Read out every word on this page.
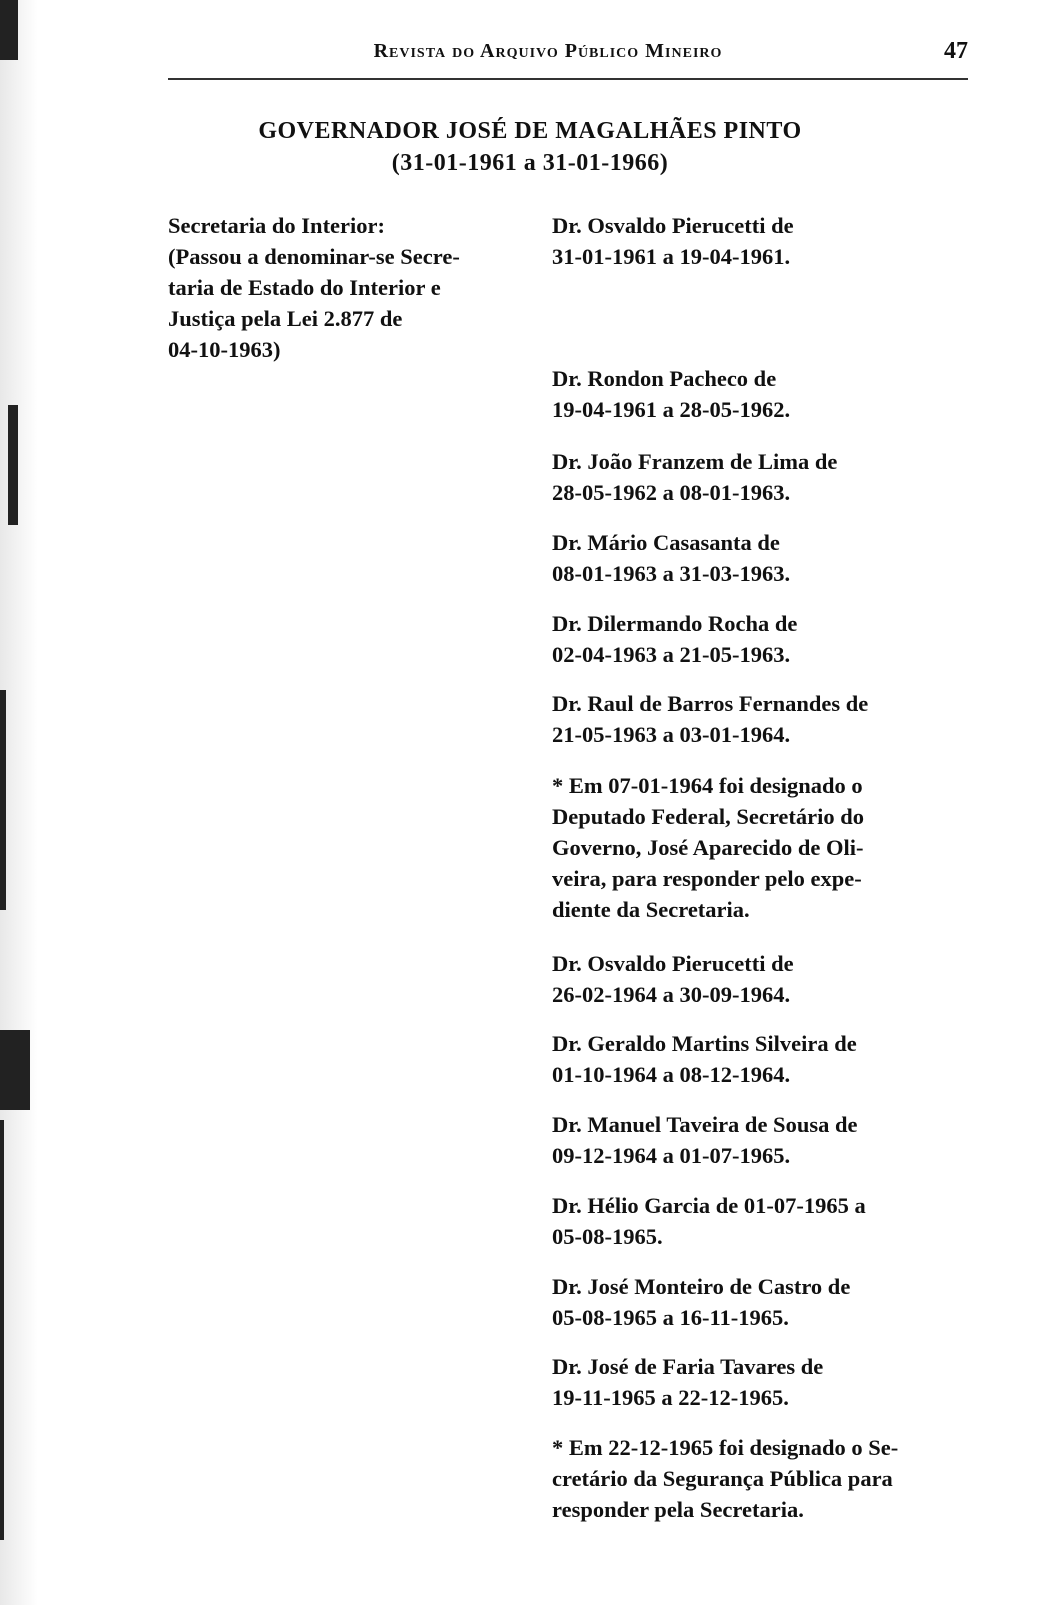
Revista do Arquivo Público Mineiro	47
GOVERNADOR JOSÉ DE MAGALHÃES PINTO
(31-01-1961 a 31-01-1966)
Secretaria do Interior:
(Passou a denominar-se Secre-
taria de Estado do Interior e
Justiça pela Lei 2.877 de
04-10-1963)
Dr. Osvaldo Pierucetti de
31-01-1961 a 19-04-1961.
Dr. Rondon Pacheco de
19-04-1961 a 28-05-1962.
Dr. João Franzem de Lima de
28-05-1962 a 08-01-1963.
Dr. Mário Casasanta de
08-01-1963 a 31-03-1963.
Dr. Dilermando Rocha de
02-04-1963 a 21-05-1963.
Dr. Raul de Barros Fernandes de
21-05-1963 a 03-01-1964.
* Em 07-01-1964 foi designado o
Deputado Federal, Secretário do
Governo, José Aparecido de Oli-
veira, para responder pelo expe-
diente da Secretaria.
Dr. Osvaldo Pierucetti de
26-02-1964 a 30-09-1964.
Dr. Geraldo Martins Silveira de
01-10-1964 a 08-12-1964.
Dr. Manuel Taveira de Sousa de
09-12-1964 a 01-07-1965.
Dr. Hélio Garcia de 01-07-1965 a
05-08-1965.
Dr. José Monteiro de Castro de
05-08-1965 a 16-11-1965.
Dr. José de Faria Tavares de
19-11-1965 a 22-12-1965.
* Em 22-12-1965 foi designado o Se-
cretário da Segurança Pública para
responder pela Secretaria.
